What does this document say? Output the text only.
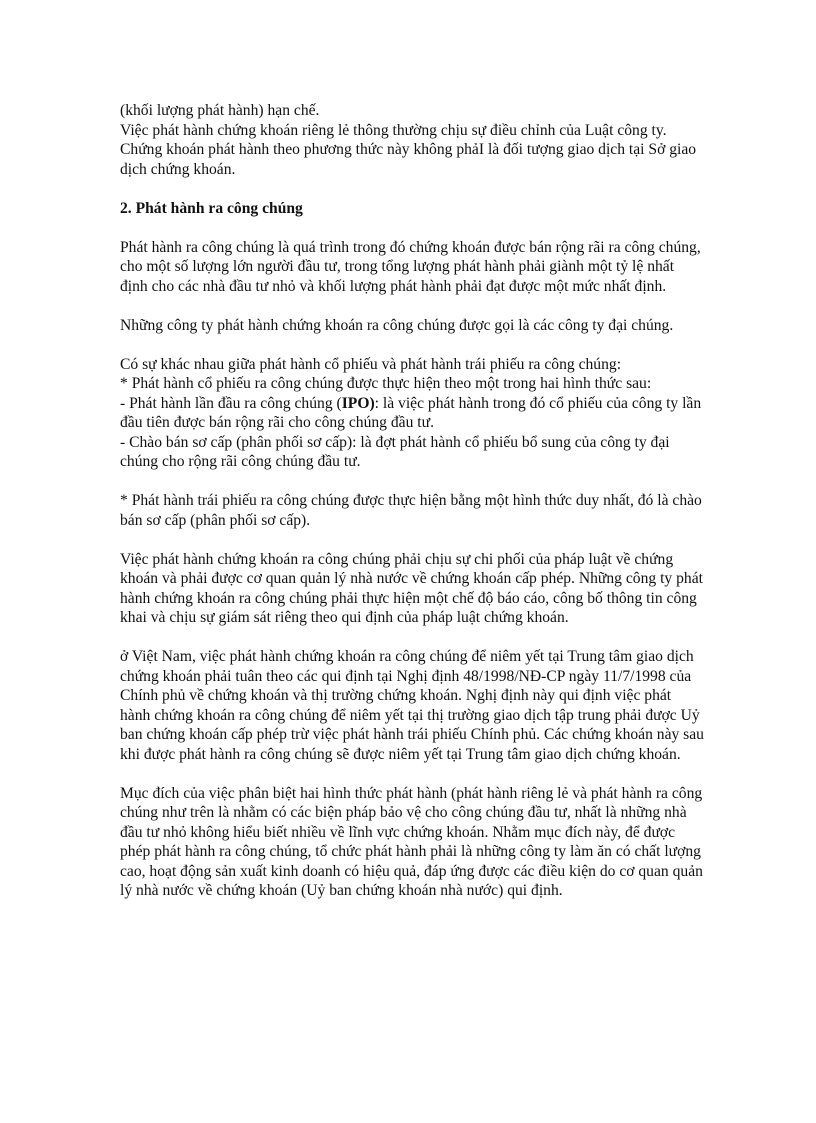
(khối lượng phát hành) hạn chế.

Việc phát hành chứng khoán riêng lẻ thông thường chịu sự điều chỉnh của Luật công ty. Chứng khoán phát hành theo phương thức này không phảI là đối tượng giao dịch tại Sở giao dịch chứng khoán.

2. Phát hành ra công chúng

Phát hành ra công chúng là quá trình trong đó chứng khoán được bán rộng rãi ra công chúng, cho một số lượng lớn người đầu tư, trong tổng lượng phát hành phải giành một tỷ lệ nhất định cho các nhà đầu tư nhỏ và khối lượng phát hành phải đạt được một mức nhất định.

Những công ty phát hành chứng khoán ra công chúng được gọi là các công ty đại chúng.

Có sự khác nhau giữa phát hành cổ phiếu và phát hành trái phiếu ra công chúng:
* Phát hành cổ phiếu ra công chúng được thực hiện theo một trong hai hình thức sau:
- Phát hành lần đầu ra công chúng (IPO): là việc phát hành trong đó cổ phiếu của công ty lần đầu tiên được bán rộng rãi cho công chúng đầu tư.
- Chào bán sơ cấp (phân phối sơ cấp): là đợt phát hành cổ phiếu bổ sung của công ty đại chúng cho rộng rãi công chúng đầu tư.

* Phát hành trái phiếu ra công chúng được thực hiện bằng một hình thức duy nhất, đó là chào bán sơ cấp (phân phối sơ cấp).

Việc phát hành chứng khoán ra công chúng phải chịu sự chi phối của pháp luật về chứng khoán và phải được cơ quan quản lý nhà nước về chứng khoán cấp phép. Những công ty phát hành chứng khoán ra công chúng phải thực hiện một chế độ báo cáo, công bố thông tin công khai và chịu sự giám sát riêng theo qui định của pháp luật chứng khoán.

ở Việt Nam, việc phát hành chứng khoán ra công chúng để niêm yết tại Trung tâm giao dịch chứng khoán phải tuân theo các qui định tại Nghị định 48/1998/NĐ-CP ngày 11/7/1998 của Chính phủ về chứng khoán và thị trường chứng khoán. Nghị định này qui định việc phát hành chứng khoán ra công chúng để niêm yết tại thị trường giao dịch tập trung phải được Uỷ ban chứng khoán cấp phép trừ việc phát hành trái phiếu Chính phủ. Các chứng khoán này sau khi được phát hành ra công chúng sẽ được niêm yết tại Trung tâm giao dịch chứng khoán.

Mục đích của việc phân biệt hai hình thức phát hành (phát hành riêng lẻ và phát hành ra công chúng như trên là nhằm có các biện pháp bảo vệ cho công chúng đầu tư, nhất là những nhà đầu tư nhỏ không hiểu biết nhiều về lĩnh vực chứng khoán. Nhằm mục đích này, để được phép phát hành ra công chúng, tổ chức phát hành phải là những công ty làm ăn có chất lượng cao, hoạt động sản xuất kinh doanh có hiệu quả, đáp ứng được các điều kiện do cơ quan quản lý nhà nước về chứng khoán (Uỷ ban chứng khoán nhà nước) qui định.
